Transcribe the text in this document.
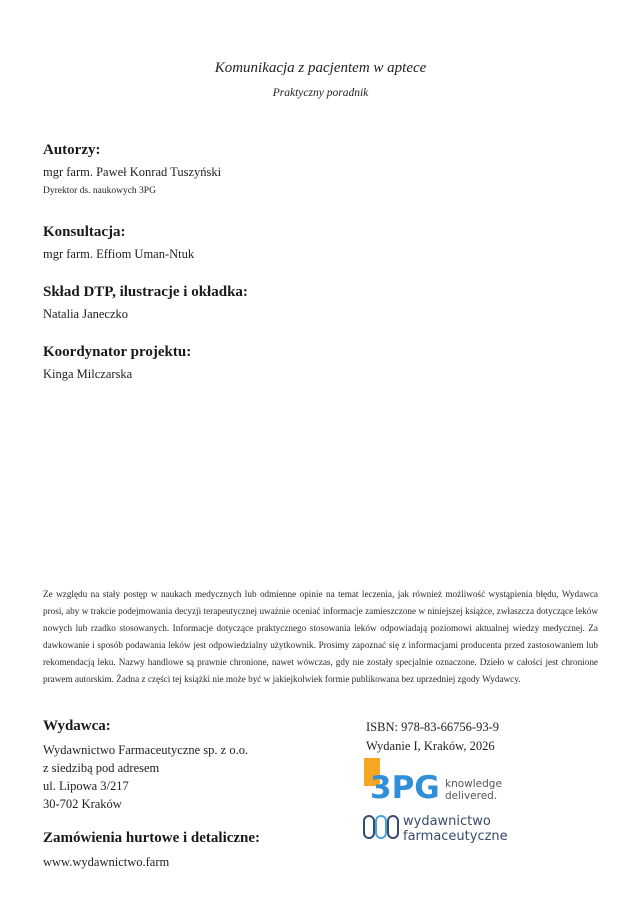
Komunikacja z pacjentem w aptece
Praktyczny poradnik
Autorzy:
mgr farm. Paweł Konrad Tuszyński
Dyrektor ds. naukowych 3PG
Konsultacja:
mgr farm. Effiom Uman-Ntuk
Skład DTP, ilustracje i okładka:
Natalia Janeczko
Koordynator projektu:
Kinga Milczarska
Ze względu na stały postęp w naukach medycznych lub odmienne opinie na temat leczenia, jak również możliwość wystąpienia błędu, Wydawca prosi, aby w trakcie podejmowania decyzji terapeutycznej uważnie oceniać informacje zamieszczone w niniejszej książce, zwłaszcza dotyczące leków nowych lub rzadko stosowanych. Informacje dotyczące praktycznego stosowania leków odpowiadają poziomowi aktualnej wiedzy medycznej. Za dawkowanie i sposób podawania leków jest odpowiedzialny użytkownik. Prosimy zapoznać się z informacjami producenta przed zastosowaniem lub rekomendacją leku. Nazwy handlowe są prawnie chronione, nawet wówczas, gdy nie zostały specjalnie oznaczone. Dzieło w całości jest chronione prawem autorskim. Żadna z części tej książki nie może być w jakiejkolwiek formie publikowana bez uprzedniej zgody Wydawcy.
Wydawca:
Wydawnictwo Farmaceutyczne sp. z o.o.
z siedzibą pod adresem
ul. Lipowa 3/217
30-702 Kraków
Zamówienia hurtowe i detaliczne:
www.wydawnictwo.farm
ISBN: 978-83-66756-93-9
Wydanie I, Kraków, 2026
3PG knowledge
delivered.
wydawnictwo
farmaceutyczne
